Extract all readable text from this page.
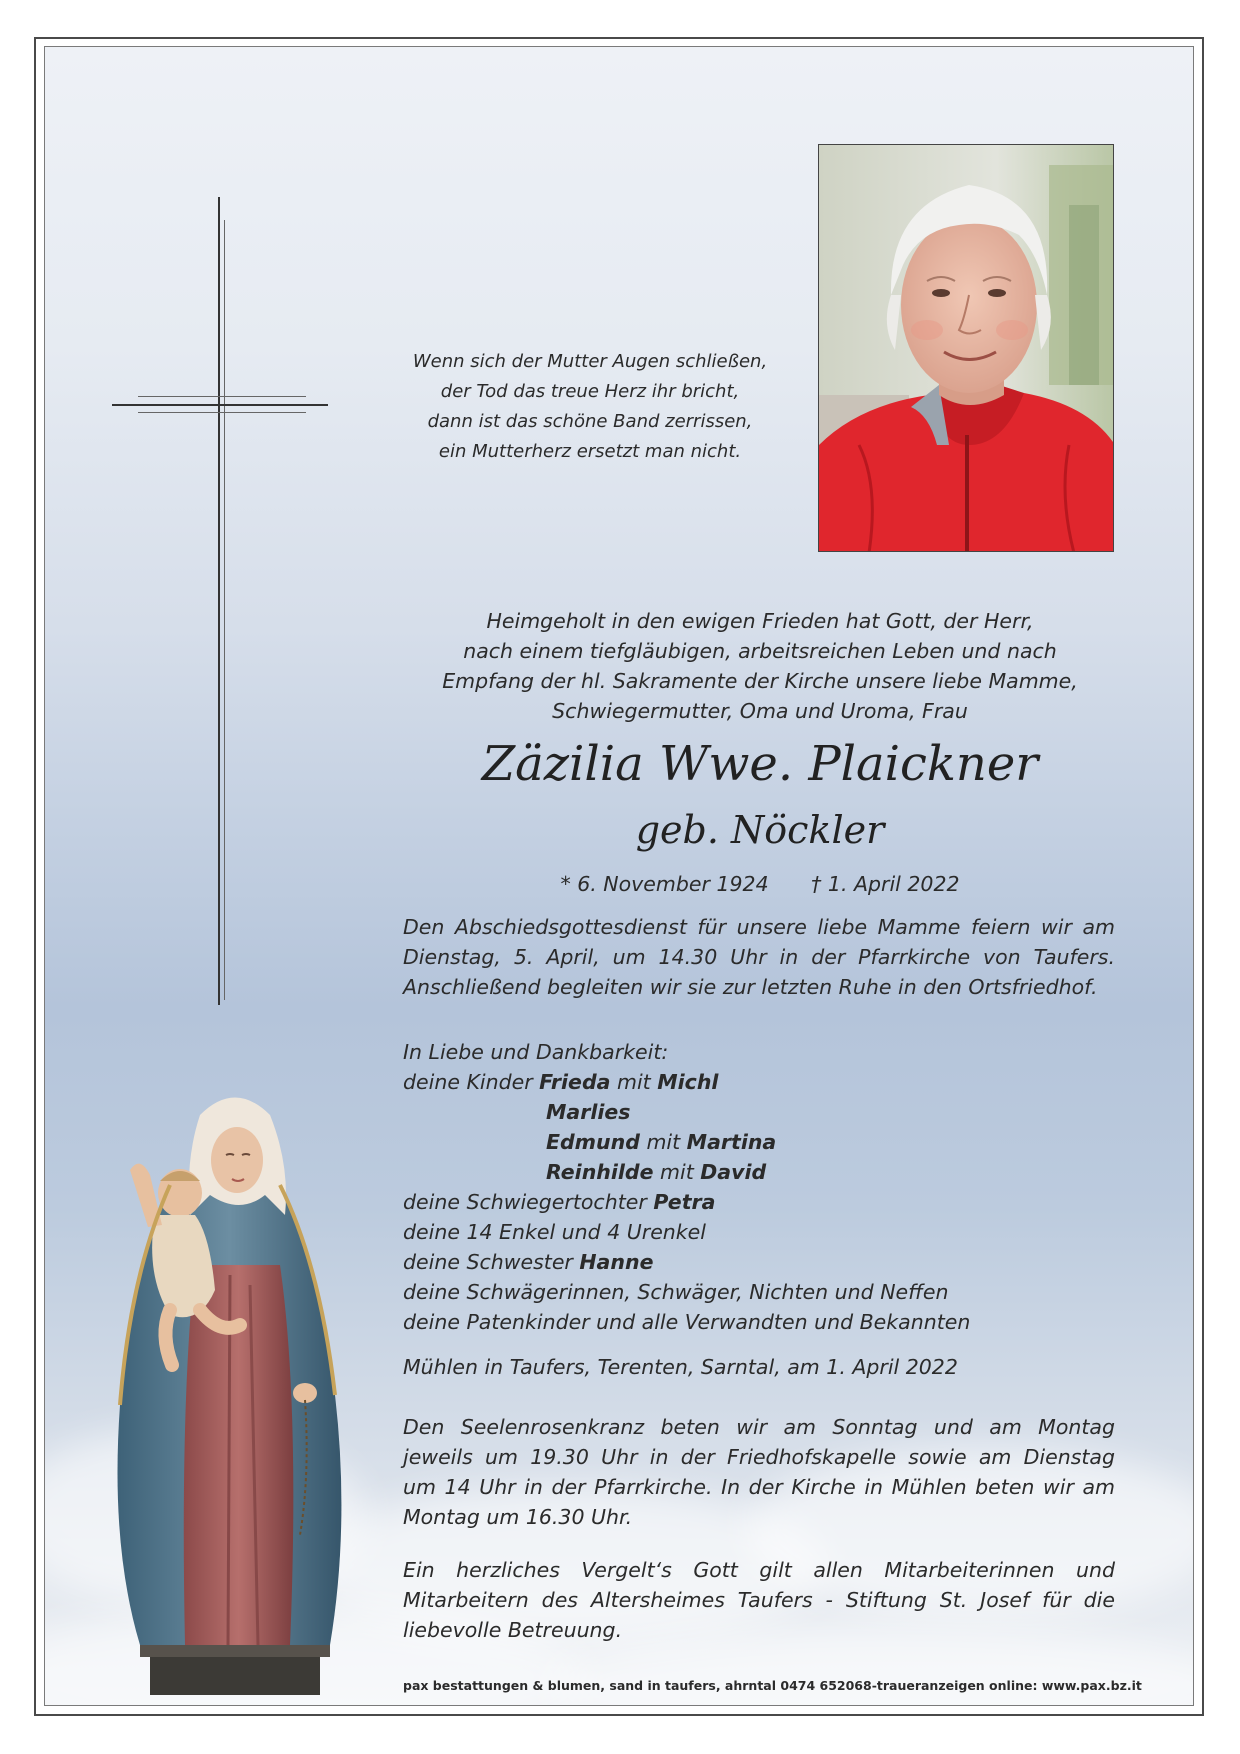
Wenn sich der Mutter Augen schließen,
der Tod das treue Herz ihr bricht,
dann ist das schöne Band zerrissen,
ein Mutterherz ersetzt man nicht.
Heimgeholt in den ewigen Frieden hat Gott, der Herr,
nach einem tiefgläubigen, arbeitsreichen Leben und nach
Empfang der hl. Sakramente der Kirche unsere liebe Mamme,
Schwiegermutter, Oma und Uroma, Frau
Zäzilia Wwe. Plaickner
geb. Nöckler
* 6. November 1924 † 1. April 2022
Den Abschiedsgottesdienst für unsere liebe Mamme feiern wir am
Dienstag, 5. April, um 14.30 Uhr in der Pfarrkirche von Taufers.
Anschließend begleiten wir sie zur letzten Ruhe in den Ortsfriedhof.
In Liebe und Dankbarkeit:
deine Kinder Frieda mit Michl
Marlies
Edmund mit Martina
Reinhilde mit David
deine Schwiegertochter Petra
deine 14 Enkel und 4 Urenkel
deine Schwester Hanne
deine Schwägerinnen, Schwäger, Nichten und Neffen
deine Patenkinder und alle Verwandten und Bekannten
Mühlen in Taufers, Terenten, Sarntal, am 1. April 2022
Den Seelenrosenkranz beten wir am Sonntag und am Montag
jeweils um 19.30 Uhr in der Friedhofskapelle sowie am Dienstag
um 14 Uhr in der Pfarrkirche. In der Kirche in Mühlen beten wir am
Montag um 16.30 Uhr.
Ein herzliches Vergelt‘s Gott gilt allen Mitarbeiterinnen und
Mitarbeitern des Altersheimes Taufers - Stiftung St. Josef für die
liebevolle Betreuung.
pax bestattungen & blumen, sand in taufers, ahrntal 0474 652068-traueranzeigen online: www.pax.bz.it
